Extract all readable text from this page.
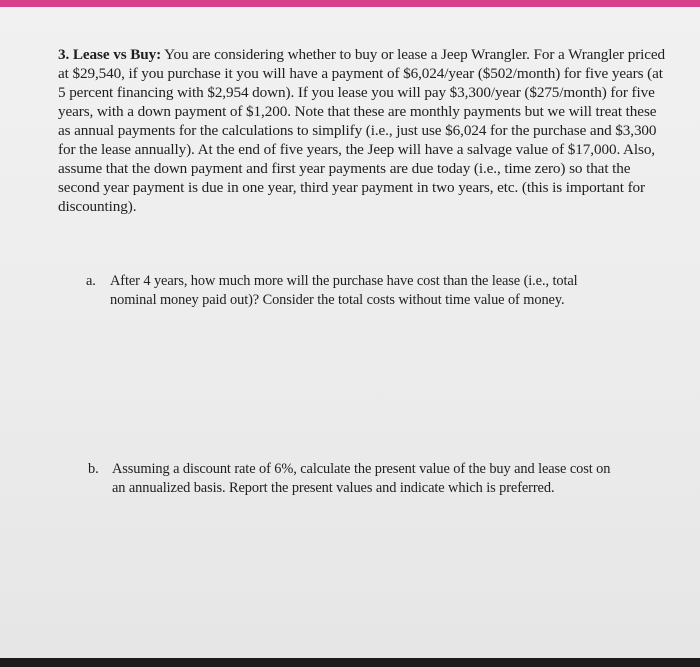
3. Lease vs Buy: You are considering whether to buy or lease a Jeep Wrangler. For a Wrangler priced at $29,540, if you purchase it you will have a payment of $6,024/year ($502/month) for five years (at 5 percent financing with $2,954 down). If you lease you will pay $3,300/year ($275/month) for five years, with a down payment of $1,200. Note that these are monthly payments but we will treat these as annual payments for the calculations to simplify (i.e., just use $6,024 for the purchase and $3,300 for the lease annually). At the end of five years, the Jeep will have a salvage value of $17,000. Also, assume that the down payment and first year payments are due today (i.e., time zero) so that the second year payment is due in one year, third year payment in two years, etc. (this is important for discounting).

a. After 4 years, how much more will the purchase have cost than the lease (i.e., total
nominal money paid out)? Consider the total costs without time value of money.
b. Assuming a discount rate of 6%, calculate the present value of the buy and lease cost on
an annualized basis. Report the present values and indicate which is preferred.
